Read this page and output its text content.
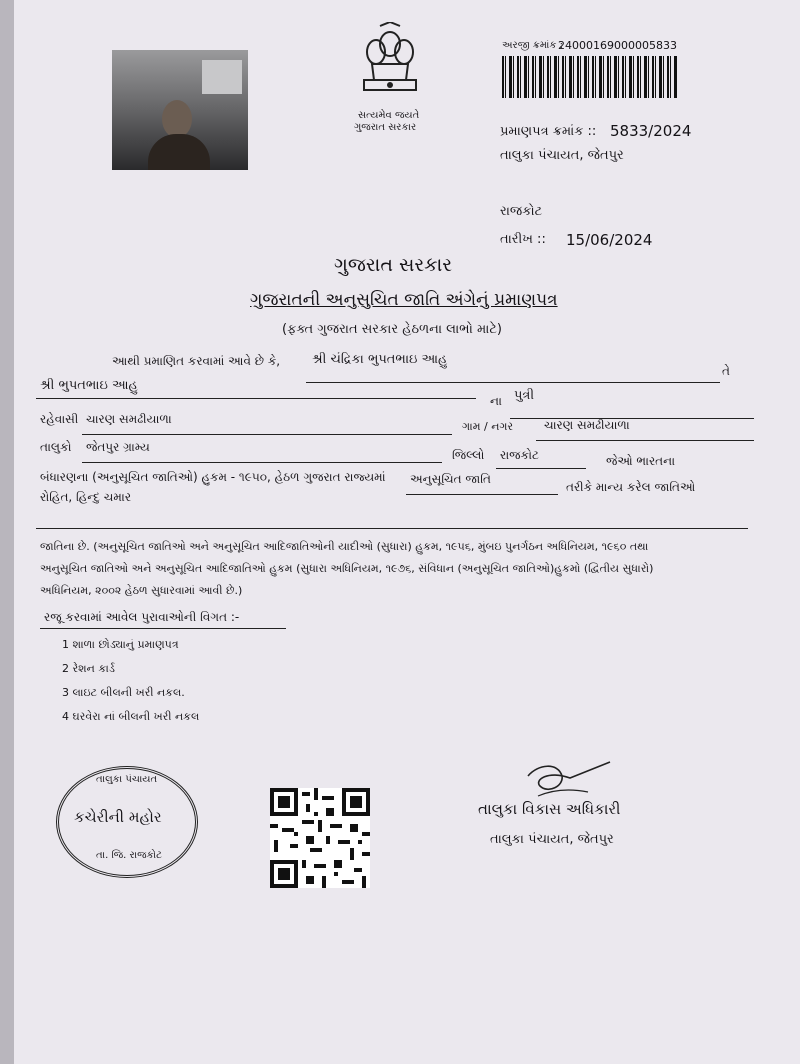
સત્યમેવ જયતે
ગુજરાત સરકાર
અરજી ક્રમાંક :
24000169000005833
પ્રમાણપત્ર ક્રમાંક :: 5833/2024
તાલુકા પંચાયત, જેતપુર
રાજકોટ
તારીખ :: 15/06/2024
ગુજરાત સરકાર
ગુજરાતની અનુસુચિત જાતિ અંગેનું પ્રમાણપત્ર
(ફક્ત ગુજરાત સરકાર હેઠળના લાભો માટે)
આથી પ્રમાણિત કરવામાં આવે છે કે, શ્રી ચંદ્રિકા ભુપતભાઇ આહુ
તે
શ્રી ભુપતભાઇ આહુ
ના પુત્રી
રહેવાસી ચારણ સમઢીયાળા
ગામ / નગર	ચારણ સમઢીયાળા
તાલુકો જેતપુર ગ્રામ્ય
જિલ્લો રાજકોટ	જેઓ ભારતના
બંધારણના (અનુસૂચિત જાતિઓ) હુકમ - ૧૯૫૦, હેઠળ ગુજરાત રાજ્યમાં અનુસૂચિત જાતિ
તરીકે માન્ય કરેલ જાતિઓ
રોહિત, હિન્દુ ચમાર
જાતિના છે. (અનુસૂચિત જાતિઓ અને અનુસૂચિત આદિજાતિઓની યાદીઓ (સુધારા) હુકમ, ૧૯૫૬, મુંબઇ પુનર્ગઠન અધિનિયમ, ૧૯૬૦ તથા
અનુસૂચિત જાતિઓ અને અનુસૂચિત આદિજાતિઓ હુકમ (સુધારા અધિનિયમ, ૧૯૭૬, સંવિધાન (અનુસૂચિત જાતિઓ)હુકમો (દ્વિતીય સુધારો)
અધિનિયમ, ૨૦૦૨ હેઠળ સુધારવામાં આવી છે.)
રજૂ કરવામાં આવેલ પુરાવાઓની વિગત :-
1 શાળા છોડ્યાનું પ્રમાણપત્ર
2 રેશન કાર્ડ
3 લાઇટ બીલની ખરી નકલ.
4 ઘરવેરા નાં બીલની ખરી નકલ
તાલુકા પંચાયત
કચેરીની મહોર
તા. જિ. રાજકોટ
તાલુકા વિકાસ અધિકારી
તાલુકા પંચાયત, જેતપુર
